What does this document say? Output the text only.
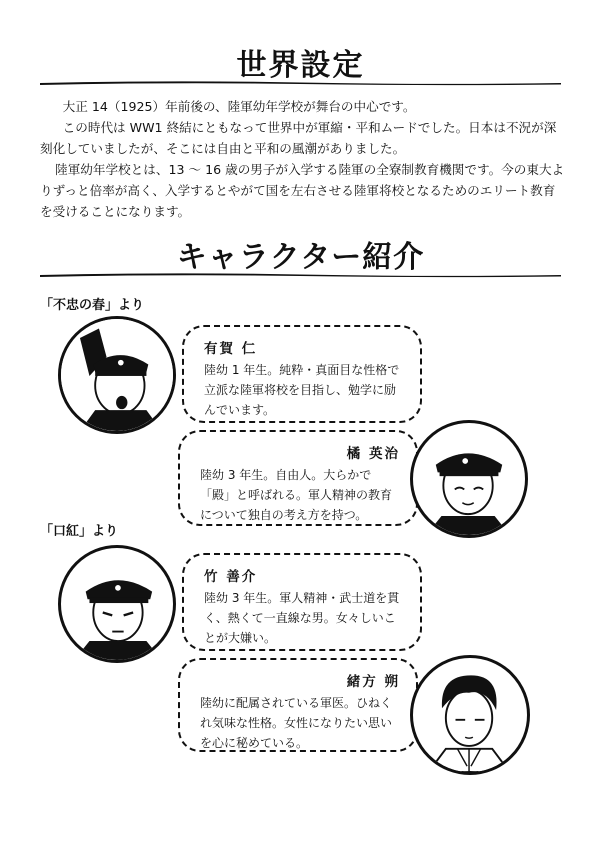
世界設定

大正 14（1925）年前後の、陸軍幼年学校が舞台の中心です。

この時代は WW1 終結にともなって世界中が軍縮・平和ムードでした。日本は不況が深刻化していましたが、そこには自由と平和の風潮がありました。

陸軍幼年学校とは、13 ～ 16 歳の男子が入学する陸軍の全寮制教育機関です。今の東大よりずっと倍率が高く、入学するとやがて国を左右させる陸軍将校となるためのエリート教育を受けることになります。

キャラクター紹介
「不忠の春」より
有賀 仁
陸幼 1 年生。純粋・真面目な性格で立派な陸軍将校を目指し、勉学に励んでいます。
橘 英治
陸幼 3 年生。自由人。大らかで「殿」と呼ばれる。軍人精神の教育について独自の考え方を持つ。
「口紅」より
竹 善介
陸幼 3 年生。軍人精神・武士道を貫く、熱くて一直線な男。女々しいことが大嫌い。
緒方 朔
陸幼に配属されている軍医。ひねくれ気味な性格。女性になりたい思いを心に秘めている。
